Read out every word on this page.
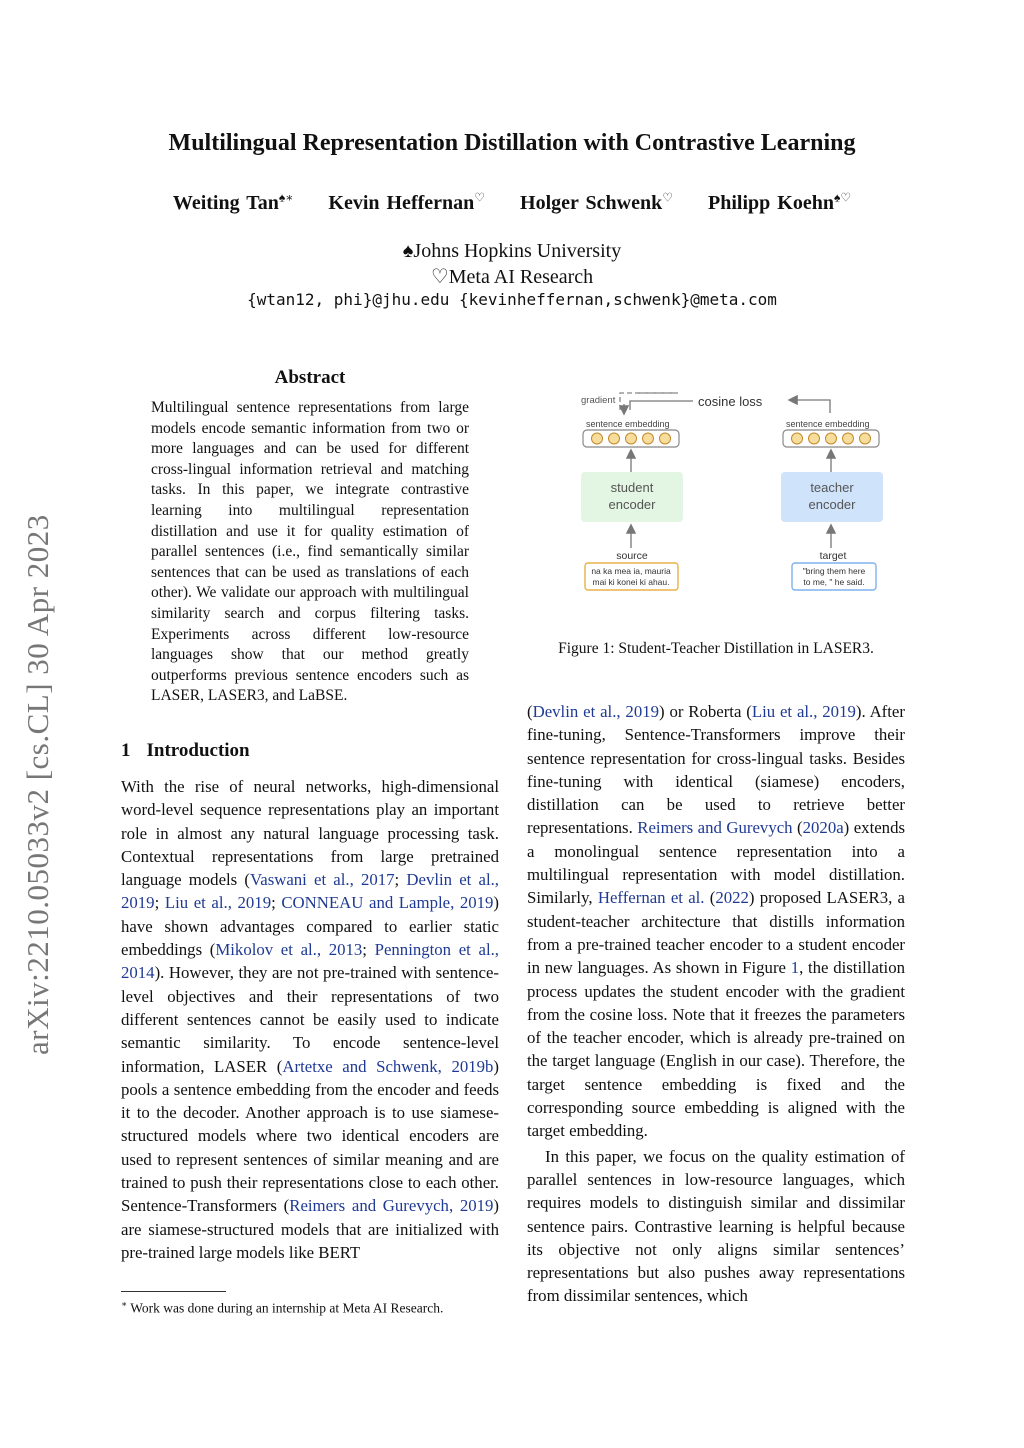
Multilingual Representation Distillation with Contrastive Learning
Weiting Tan♠∗ Kevin Heffernan♡ Holger Schwenk♡ Philipp Koehn♠♡
♠Johns Hopkins University
♡Meta AI Research
{wtan12, phi}@jhu.edu {kevinheffernan,schwenk}@meta.com
arXiv:2210.05033v2 [cs.CL] 30 Apr 2023
Abstract
Multilingual sentence representations from large models encode semantic information from two or more languages and can be used for different cross-lingual information retrieval and matching tasks. In this paper, we integrate contrastive learning into multilingual representation distillation and use it for quality estimation of parallel sentences (i.e., find semantically similar sentences that can be used as translations of each other). We validate our approach with multilingual similarity search and corpus filtering tasks. Experiments across different low-resource languages show that our method greatly outperforms previous sentence encoders such as LASER, LASER3, and LaBSE.
1 Introduction
With the rise of neural networks, high-dimensional word-level sequence representations play an important role in almost any natural language processing task. Contextual representations from large pretrained language models (Vaswani et al., 2017; Devlin et al., 2019; Liu et al., 2019; CONNEAU and Lample, 2019) have shown advantages compared to earlier static embeddings (Mikolov et al., 2013; Pennington et al., 2014). However, they are not pre-trained with sentence-level objectives and their representations of two different sentences cannot be easily used to indicate semantic similarity. To encode sentence-level information, LASER (Artetxe and Schwenk, 2019b) pools a sentence embedding from the encoder and feeds it to the decoder. Another approach is to use siamese-structured models where two identical encoders are used to represent sentences of similar meaning and are trained to push their representations close to each other. Sentence-Transformers (Reimers and Gurevych, 2019) are siamese-structured models that are initialized with pre-trained large models like BERT

(Devlin et al., 2019) or Roberta (Liu et al., 2019). After fine-tuning, Sentence-Transformers improve their sentence representation for cross-lingual tasks. Besides fine-tuning with identical (siamese) encoders, distillation can be used to retrieve better representations. Reimers and Gurevych (2020a) extends a monolingual sentence representation into a multilingual representation with model distillation. Similarly, Heffernan et al. (2022) proposed LASER3, a student-teacher architecture that distills information from a pre-trained teacher encoder to a student encoder in new languages. As shown in Figure 1, the distillation process updates the student encoder with the gradient from the cosine loss. Note that it freezes the parameters of the teacher encoder, which is already pre-trained on the target language (English in our case). Therefore, the target sentence embedding is fixed and the corresponding source embedding is aligned with the target embedding.

In this paper, we focus on the quality estimation of parallel sentences in low-resource languages, which requires models to distinguish similar and dissimilar sentence pairs. Contrastive learning is helpful because its objective not only aligns similar sentences’ representations but also pushes away representations from dissimilar sentences, which

∗ Work was done during an internship at Meta AI Research.
gradient	cosine loss
sentence embedding	sentence embedding
student
encoder
teacher
encoder
source
na ka mea ia, mauria
mai ki konei ki ahau.
target
"bring them here
to me, " he said.
Figure 1: Student-Teacher Distillation in LASER3.
